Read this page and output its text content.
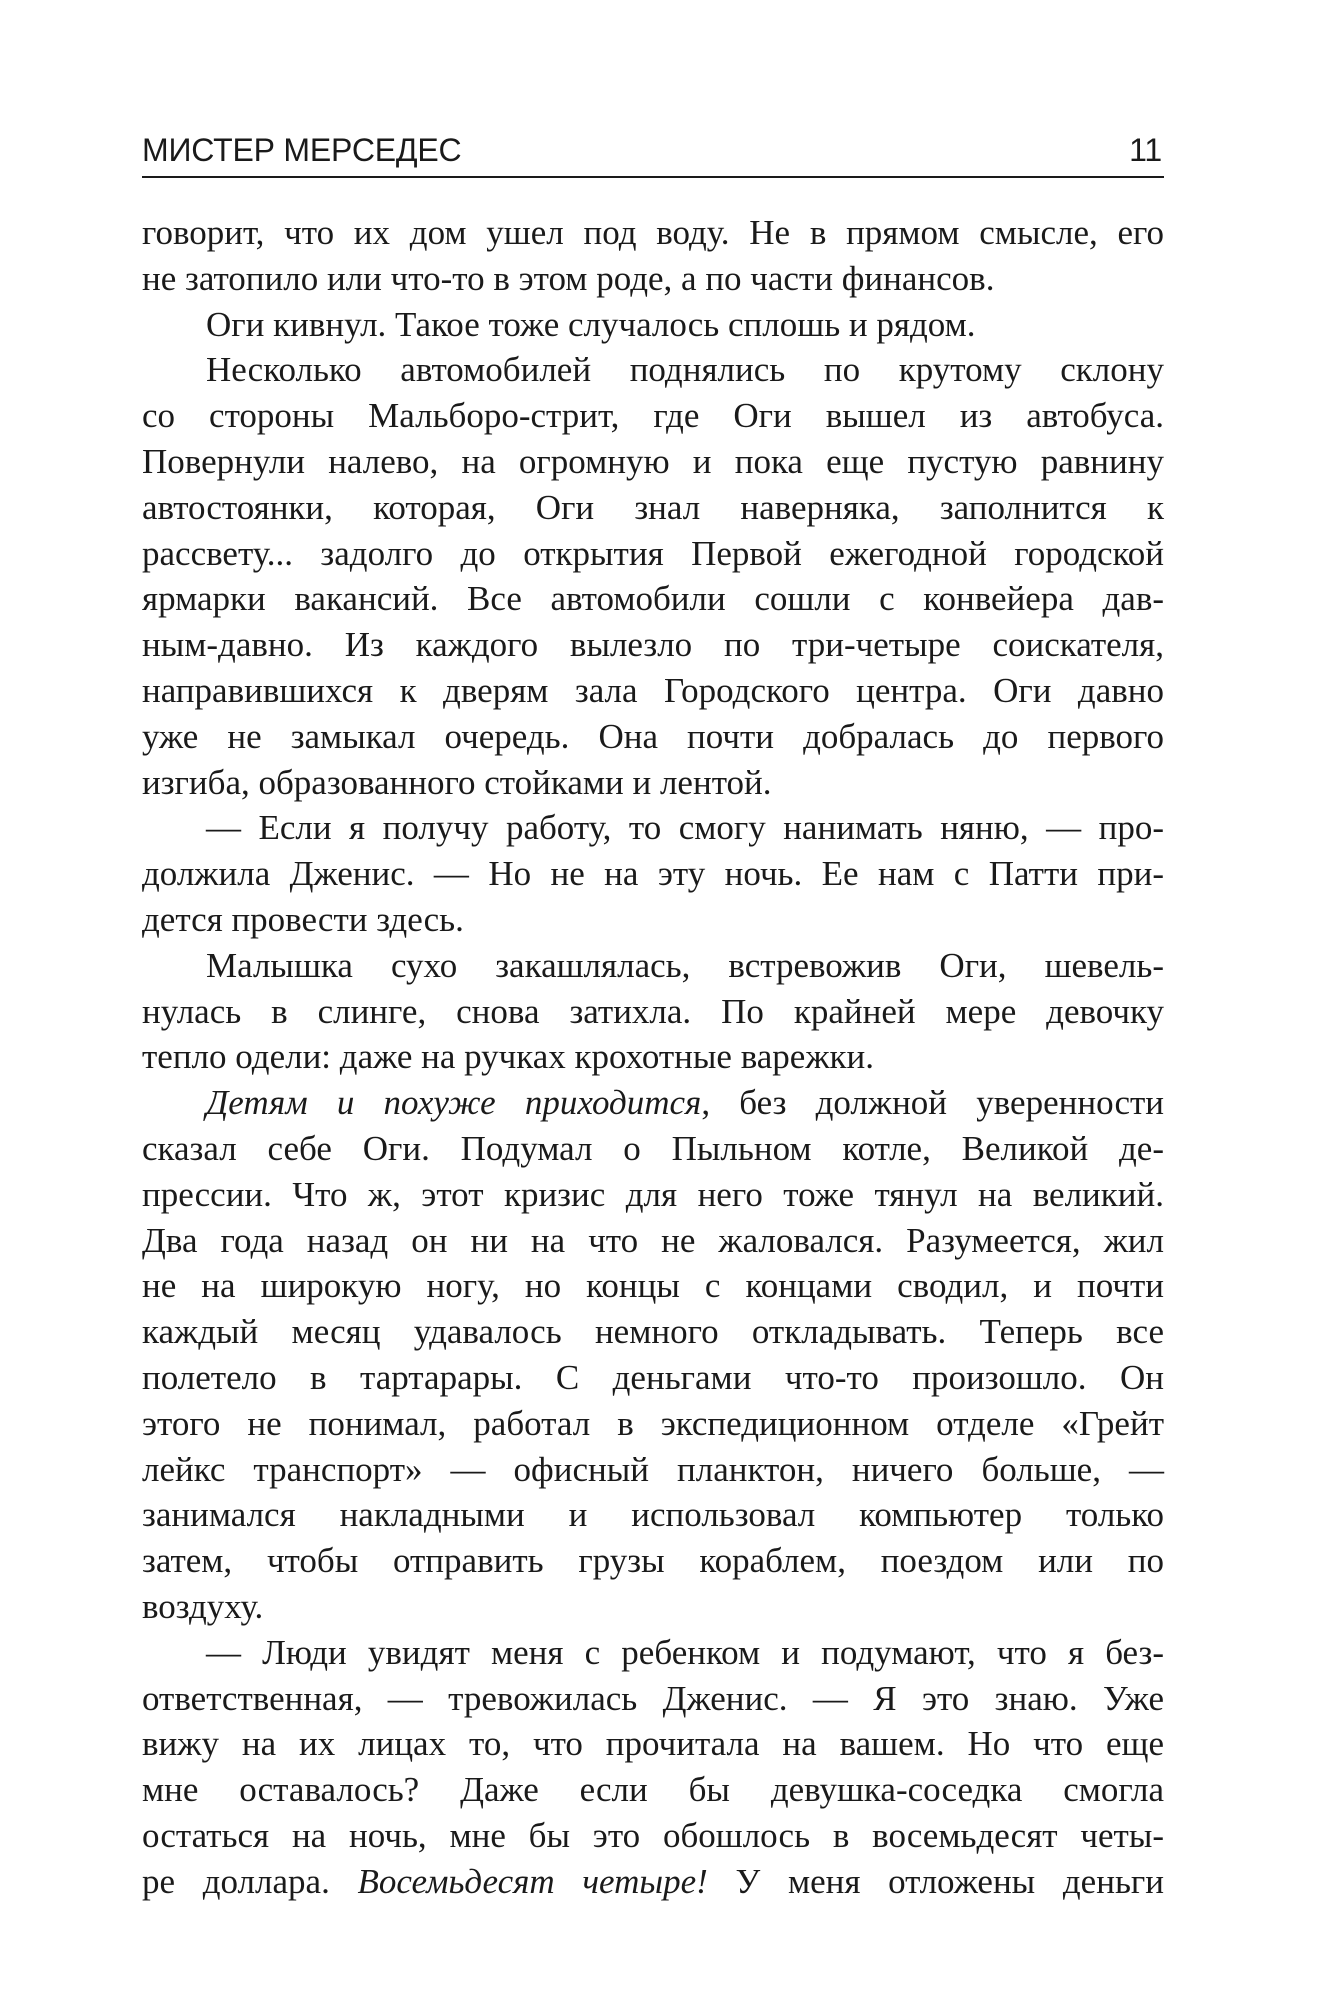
МИСТЕР МЕРСЕДЕС	11
говорит, что их дом ушел под воду. Не в прямом смысле, его
не затопило или что-то в этом роде, а по части финансов.
Оги кивнул. Такое тоже случалось сплошь и рядом.
Несколько автомобилей поднялись по крутому склону
со стороны Мальборо-стрит, где Оги вышел из автобуса.
Повернули налево, на огромную и пока еще пустую равнину
автостоянки, которая, Оги знал наверняка, заполнится к
рассвету... задолго до открытия Первой ежегодной городской
ярмарки вакансий. Все автомобили сошли с конвейера дав-
ным-давно. Из каждого вылезло по три-четыре соискателя,
направившихся к дверям зала Городского центра. Оги давно
уже не замыкал очередь. Она почти добралась до первого
изгиба, образованного стойками и лентой.
— Если я получу работу, то смогу нанимать няню, — про-
должила Дженис. — Но не на эту ночь. Ее нам с Патти при-
дется провести здесь.
Малышка сухо закашлялась, встревожив Оги, шевель-
нулась в слинге, снова затихла. По крайней мере девочку
тепло одели: даже на ручках крохотные варежки.
Детям и похуже приходится, без должной уверенности
сказал себе Оги. Подумал о Пыльном котле, Великой де-
прессии. Что ж, этот кризис для него тоже тянул на великий.
Два года назад он ни на что не жаловался. Разумеется, жил
не на широкую ногу, но концы с концами сводил, и почти
каждый месяц удавалось немного откладывать. Теперь все
полетело в тартарары. С деньгами что-то произошло. Он
этого не понимал, работал в экспедиционном отделе «Грейт
лейкс транспорт» — офисный планктон, ничего больше, —
занимался накладными и использовал компьютер только
затем, чтобы отправить грузы кораблем, поездом или по
воздуху.
— Люди увидят меня с ребенком и подумают, что я без-
ответственная, — тревожилась Дженис. — Я это знаю. Уже
вижу на их лицах то, что прочитала на вашем. Но что еще
мне оставалось? Даже если бы девушка-соседка смогла
остаться на ночь, мне бы это обошлось в восемьдесят четы-
ре доллара. Восемьдесят четыре! У меня отложены деньги
